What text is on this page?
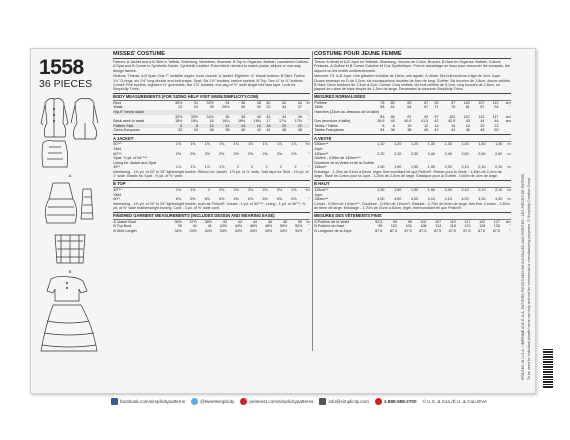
1558
36 PIECES
A
B
MISSES' COSTUME
Fabrics: A Jacket and A,B Skirt in Taffeta, Shantung, Velveteen, Brocade. B Top in Organza, Batiste, Laundered Cottons. A Spat and B Corset in Synthetic Suede, Synthetic Leather. Extra fabric needed to match plaids, stripes or one-way design fabrics.
Notions: Thread. A,B Spat: One 7" invisible zipper, hook closure. A Jacket: Eighteen ¾" shank buttons. B Skirt: Twelve 1⅛" D-rings, six 1½" long double end bolt snaps. Spat: Six 1⅛" buckles, twelve eyelets. B Top: Two ¼" to ⅜" buttons. Corset: Five eyelets, eighteen ¾" grommets, five 1⅛" buckles, one pkg of ½" wide single fold bias tape. Look for Simplicity Trims.
BODY MEASUREMENTS (FOR SIZING HELP VISIT WWW.SIMPLICITY.COM)
Bust	30½	31	32½	34	36	38	40	42	44	In
Waist	23	24	25	26½	28	30	32	34	37	
Hip-9" below waist										
	32½	33½	34½	36	38	40	42	44	46	"
Back-neck to waist	15½	15¾	16	16¼	16½	16¾	17	17¼	17⅜	"
Pattern Size	6	8	10	12	14	16	18	20	22	
Sizes-European	32	34	36	38	40	42	44	46	48	
A JACKET
60"**	1⅝	1⅝	1⅝	1¾	1¾	1⅞	1⅞	1⅞	1⅞	Yd
Skirt										
60"**	2½	2½	2½	2½	2½	2⅝	2⅝	2⅝	2⅝	"
Spat- ⅝ yd. of 54"***										
Lining for Jacket and Spat										
45"*	1⅞	1⅞	1⅞	1⅞	2	2	2	2	2	"
Interfacing - 1⅜ yd. of 20" to 25" lightweight fusible. Ribbon for Jacket - 1⅝ yd. of ⅞" wide, Twill tape for Skirt - 1⅝ yd. of 1" wide. Elastic for Spat - ⅝ yd. of ⅜" wide.
B TOP
45"**	1⅝	1⅝	2	2⅛	2⅛	2⅛	2⅛	2⅛	2⅛	Yd
Skirt										
60"*	6⅝	6⅝	6⅝	6⅝	6⅝	6⅝	6⅝	6⅝	6⅝	"
Interfacing - 1⅝ yd. of 20" to 25" lightweight fusible, such as Pellon®. Corset - 1 yd. of 54"***, Lining - 1 yd. of 45"**, ⅝ yd. of ⅝" wide featherweight boning, Cord - 3 yd. of ⅛" wide cord.
FINISHED GARMENT MEASUREMENTS (INCLUDES DESIGN AND WEARING EASE)
A Jacket Bust	36½	37½	38½	40	42	44	46	48	50	In
B Top Bust	39	40	41	42½	44½	46½	48½	50½	52½	"
B Skirt Length	34½	34½	34½	34½	34½	34½	34½	34½	34½	"
COSTUME POUR JEUNE FEMME
Tissus: A Veste et A,B Jupe en Taffetas, Shantung, Velours de Coton, Brocart. B Haut en Organza, Batiste, Cotons Prélavés. A Guêtre et B Corset Suédine et Cuir Synthétique. Prévoir davantage de tissu pour raccorder les écossais, les rayures ou les motifs unidirectionnels.
Mercerie: Fil. A,B Jupe: Une glissière invisible de 18cm, une agrafe. A Veste: Dix-huit boutons à tige de 2cm. Jupe: Douze anneaux en D de 3,2cm, six mousquetons doubles de 8cm de long. Guêtre: Six boucles de 2,8cm, douze oeillets. B Haut: Deux boutons de 1,3cm à 2cm. Corset: Cinq oeillets, dix-huit oeillets de 5,1cm, cinq boucles de 2,8cm, un paquet de ruban de biais simple de 1,3cm de large. Demandez la mercerie Simplicity Trims.
MESURES NORMALISÉES
Poitrine	78	80	83	87	92	97	102	107	112	cm
Taille	58	61	64	67	71	76	81	87	94	"
Hanches (23cm au-dessous de la taille)										
	83	85	87	92	97	102	107	112	117	cm
Dos (encolure à taille)	39,5	40	40,5	41,5	42	42,5	43	44	44	cm
Tailles / Tailles	6	8	10	12	14	16	18	20	22	
Tailles-Françaises	34	36	38	40	42	44	46	48	50	
A VESTE
150cm**	1,10	1,20	1,20	1,30	1,30	1,40	1,40	1,40	m
Jupe									
150cm**	2,20	2,30	2,30	2,40	2,40	2,50	2,50	2,60	m
Guêtre - 0,60m de 140cm***									
Doublure de la Veste et de la Guêtre									
115cm*	1,90	1,90	1,90	1,90	2,00	2,10	2,10	2,10	m
Entoilage - 1,30m de 51cm à 64cm, léger, thermocollant tel que Pellon®. Ruban pour la Veste - 1,40m de 2,2cm de large. Tissé en Coton pour la Jupe - 1,30m de 2,5cm de large. Élastique pour la Guêtre - 0,60m de 2cm de large.
B HAUT
115cm**	1,50	1,50	1,50	1,90	2,00	2,10	2,10	2,10	m
Jupe									
150cm**	4,00	4,00	4,00	4,10	4,10	4,20	4,30	4,40	m
Corset - 0,90m de 140cm***, Doublure - 0,90m de 115cm**, Baleine - 2,70m de 6mm de large, très fine. Cordon - 2,80m de 6mm de large. Entoilage - 1,70m de 51cm à 64cm, léger, thermocollant tel que Pellon®.
MESURES DES VÊTEMENTS FINIS
A Poitrine de la Veste	92,5	95	98	102	107	112	117	122	127	cm
B Poitrine du Haut	99	102	104	108	113	118	123	128	133	"
B Longueur de la Jupe	87,5	87,5	87,5	87,5	87,5	87,5	87,5	87,5	87,5	"	PRINTED IN U.S.A. / IMPRIMÉ AUX É.U.A. PATTERN PIECES MAY BE INSTALLED AND PRINTED / LES PIÈCES DE PATRON To be used for individual private home use only and not for commercial or manufacturing purposes. © Simplicity Creative Group
facebook.com/simplicitypatterns	@tweetsimplicity	pinterest.com/simplicitypatterns	info@simplicity.com	1-888-588-2700 © U.S. & Can./É.U. & Can./EVA
